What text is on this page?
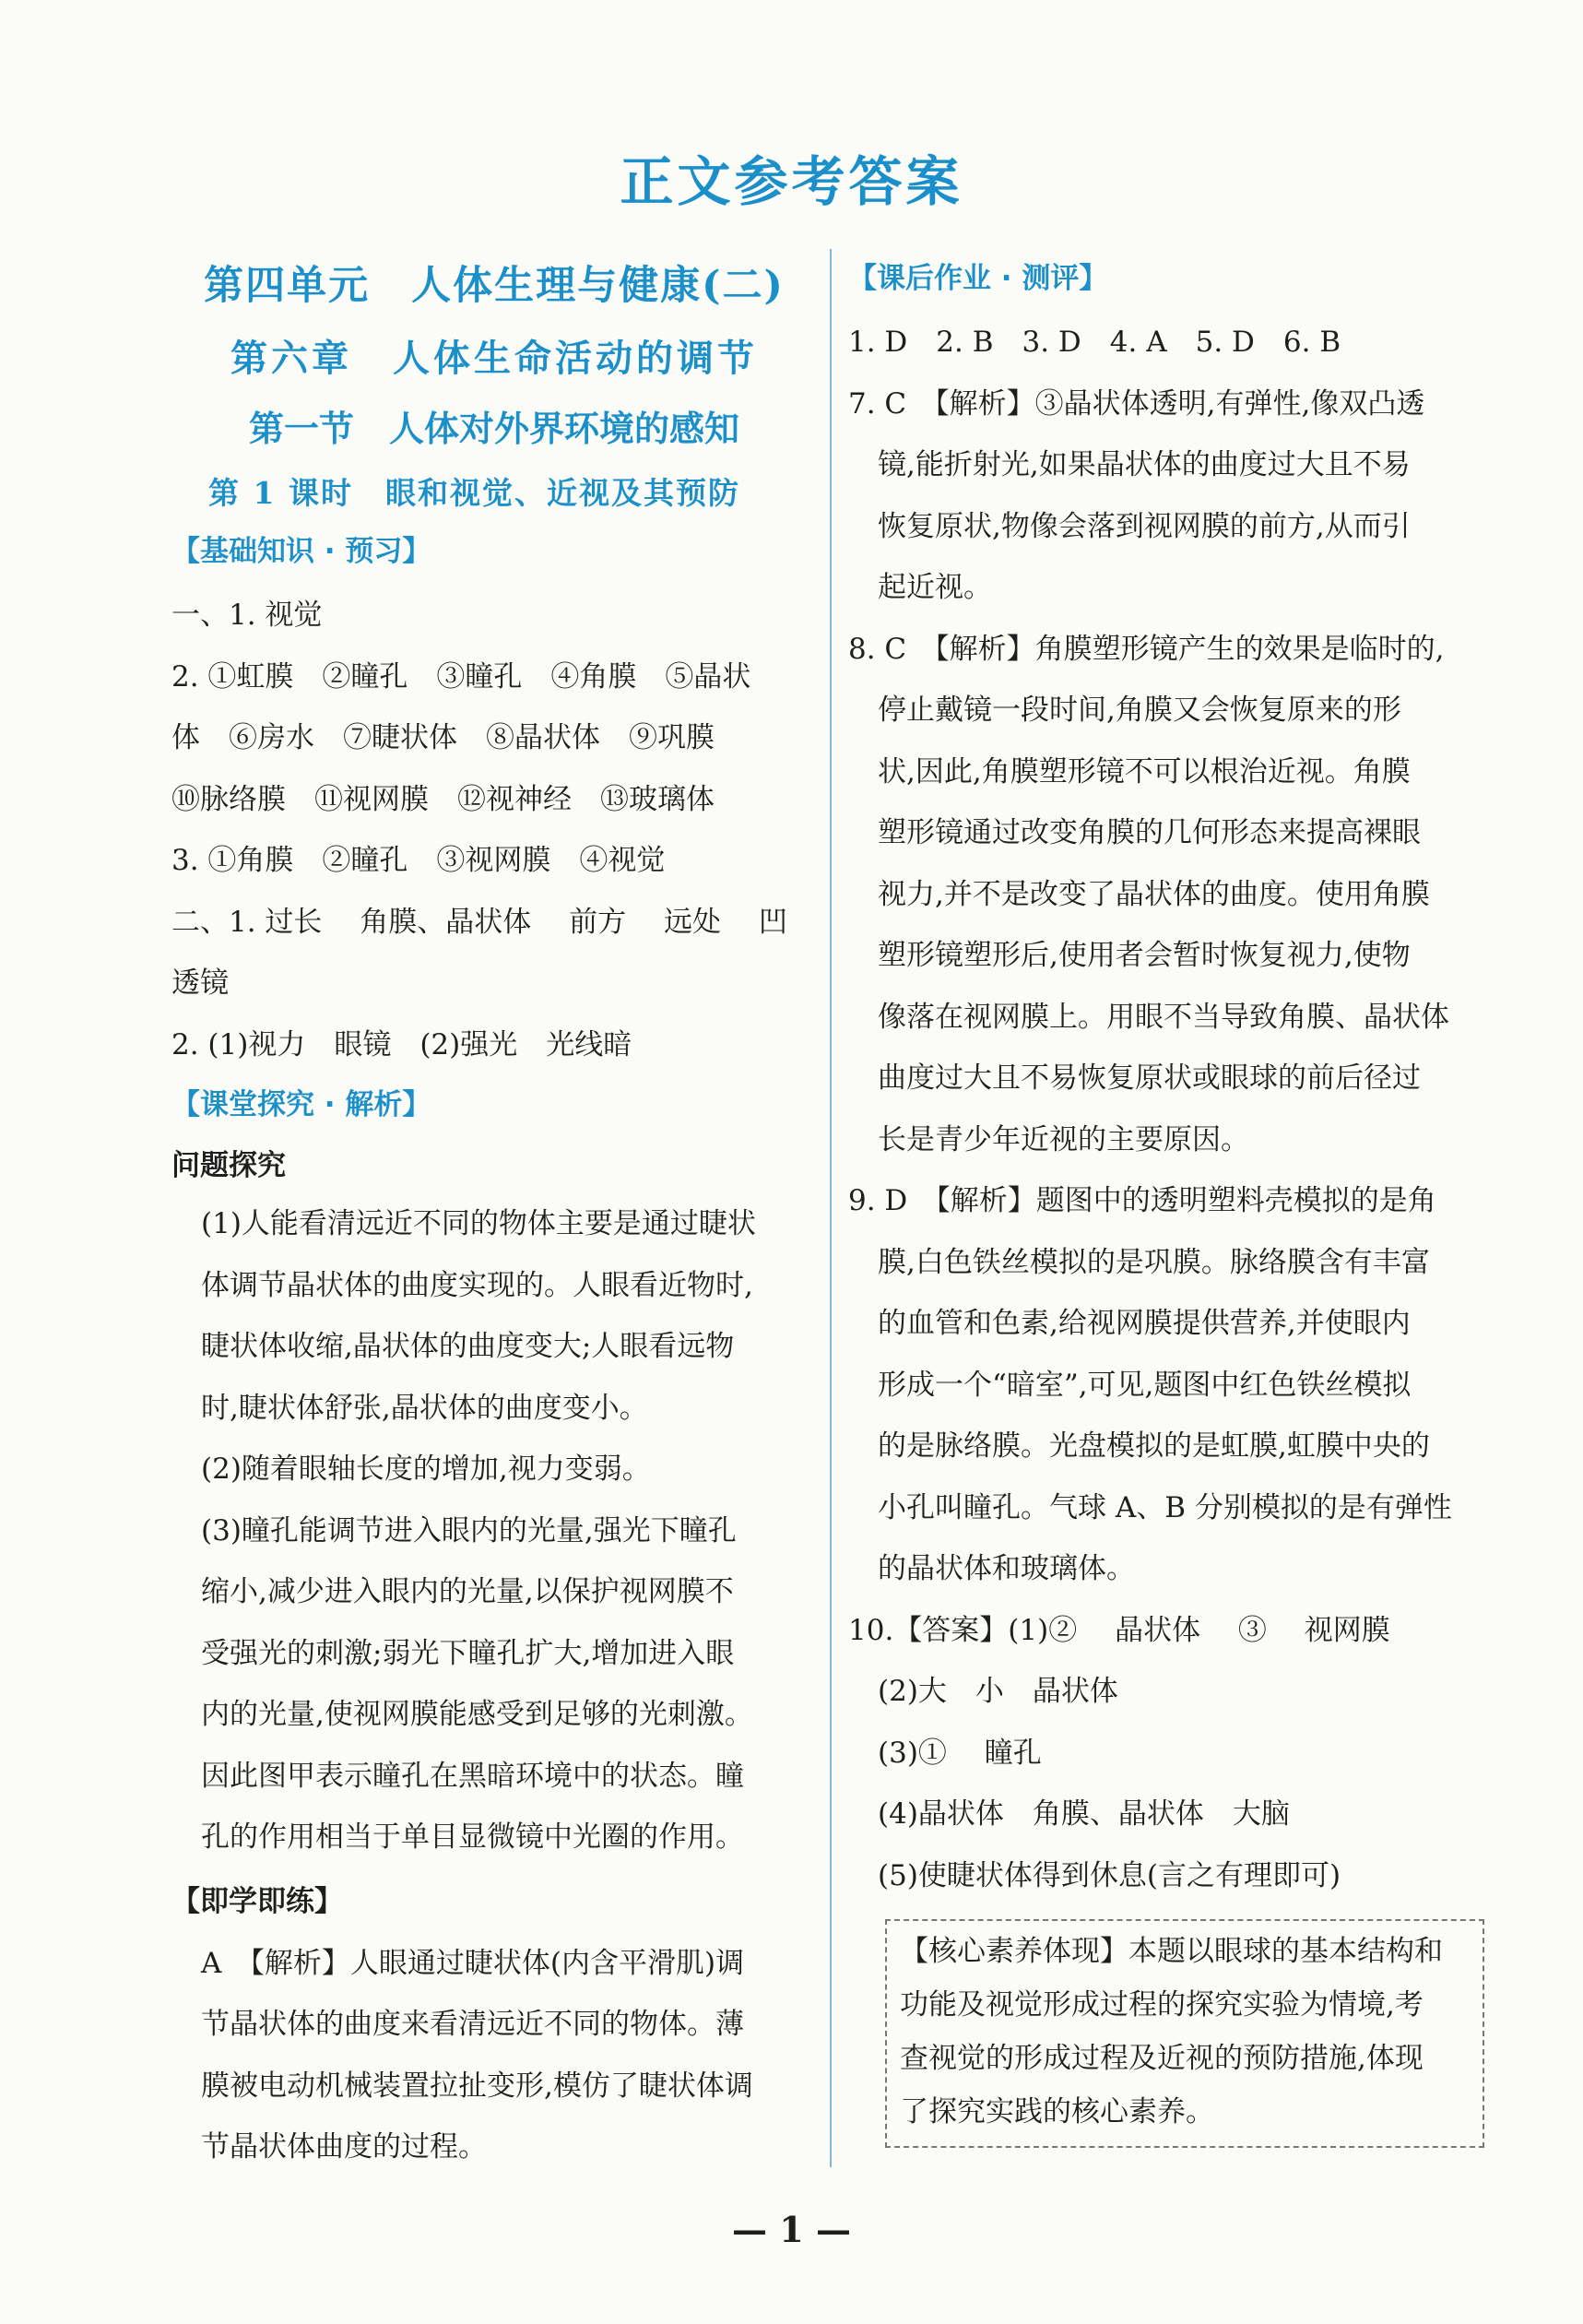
正文参考答案
第四单元　人体生理与健康(二)
第六章　人体生命活动的调节
第一节　人体对外界环境的感知
第 1 课时　眼和视觉、近视及其预防
【基础知识 · 预习】
一、1. 视觉
2. ①虹膜　②瞳孔　③瞳孔　④角膜　⑤晶状
体　⑥房水　⑦睫状体　⑧晶状体　⑨巩膜
⑩脉络膜　⑪视网膜　⑫视神经　⑬玻璃体
3. ①角膜　②瞳孔　③视网膜　④视觉
二、1. 过长　 角膜、晶状体　 前方　 远处　 凹
透镜
2. (1)视力　眼镜　(2)强光　光线暗
【课堂探究 · 解析】
问题探究
(1)人能看清远近不同的物体主要是通过睫状
体调节晶状体的曲度实现的。人眼看近物时,
睫状体收缩,晶状体的曲度变大;人眼看远物
时,睫状体舒张,晶状体的曲度变小。
(2)随着眼轴长度的增加,视力变弱。
(3)瞳孔能调节进入眼内的光量,强光下瞳孔
缩小,减少进入眼内的光量,以保护视网膜不
受强光的刺激;弱光下瞳孔扩大,增加进入眼
内的光量,使视网膜能感受到足够的光刺激。
因此图甲表示瞳孔在黑暗环境中的状态。瞳
孔的作用相当于单目显微镜中光圈的作用。
【即学即练】
A　【解析】人眼通过睫状体(内含平滑肌)调
节晶状体的曲度来看清远近不同的物体。薄
膜被电动机械装置拉扯变形,模仿了睫状体调
节晶状体曲度的过程。
【课后作业 · 测评】
1. D　2. B　3. D　4. A　5. D　6. B
7. C　【解析】③晶状体透明,有弹性,像双凸透
镜,能折射光,如果晶状体的曲度过大且不易
恢复原状,物像会落到视网膜的前方,从而引
起近视。
8. C　【解析】角膜塑形镜产生的效果是临时的,
停止戴镜一段时间,角膜又会恢复原来的形
状,因此,角膜塑形镜不可以根治近视。角膜
塑形镜通过改变角膜的几何形态来提高裸眼
视力,并不是改变了晶状体的曲度。使用角膜
塑形镜塑形后,使用者会暂时恢复视力,使物
像落在视网膜上。用眼不当导致角膜、晶状体
曲度过大且不易恢复原状或眼球的前后径过
长是青少年近视的主要原因。
9. D　【解析】题图中的透明塑料壳模拟的是角
膜,白色铁丝模拟的是巩膜。脉络膜含有丰富
的血管和色素,给视网膜提供营养,并使眼内
形成一个“暗室”,可见,题图中红色铁丝模拟
的是脉络膜。光盘模拟的是虹膜,虹膜中央的
小孔叫瞳孔。气球 A、B 分别模拟的是有弹性
的晶状体和玻璃体。
10.【答案】(1)②　 晶状体　 ③　 视网膜
(2)大　小　晶状体
(3)①　 瞳孔
(4)晶状体　角膜、晶状体　大脑
(5)使睫状体得到休息(言之有理即可)
【核心素养体现】本题以眼球的基本结构和
功能及视觉形成过程的探究实验为情境,考
查视觉的形成过程及近视的预防措施,体现
了探究实践的核心素养。
— 1 —
